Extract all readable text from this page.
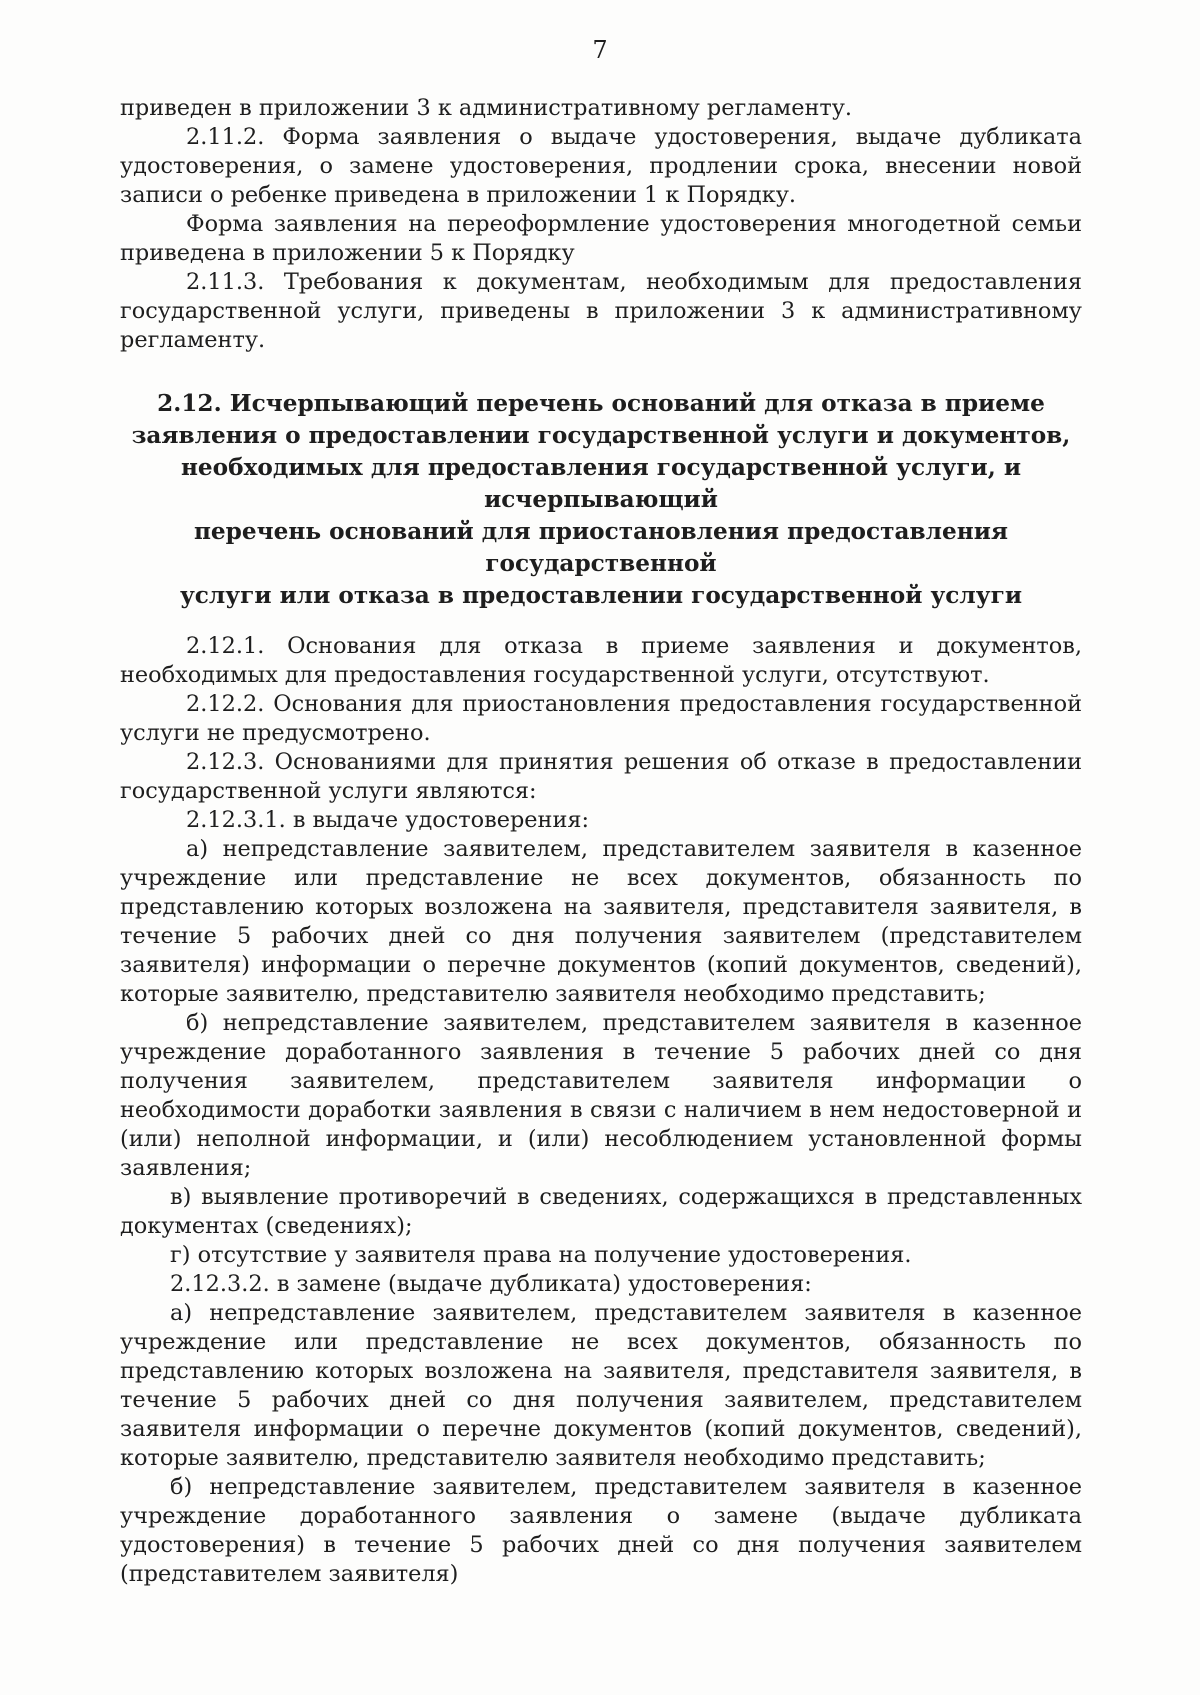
7

приведен в приложении 3 к административному регламенту.

2.11.2. Форма заявления о выдаче удостоверения, выдаче дубликата удостоверения, о замене удостоверения, продлении срока, внесении новой записи о ребенке приведена в приложении 1 к Порядку.

Форма заявления на переоформление удостоверения многодетной семьи приведена в приложении 5 к Порядку

2.11.3. Требования к документам, необходимым для предоставления государственной услуги, приведены в приложении 3 к административному регламенту.

2.12. Исчерпывающий перечень оснований для отказа в приеме
заявления о предоставлении государственной услуги и документов,
необходимых для предоставления государственной услуги, и исчерпывающий
перечень оснований для приостановления предоставления государственной
услуги или отказа в предоставлении государственной услуги

2.12.1. Основания для отказа в приеме заявления и документов, необходимых для предоставления государственной услуги, отсутствуют.

2.12.2. Основания для приостановления предоставления государственной услуги не предусмотрено.

2.12.3. Основаниями для принятия решения об отказе в предоставлении государственной услуги являются:

2.12.3.1. в выдаче удостоверения:

а) непредставление заявителем, представителем заявителя в казенное учреждение или представление не всех документов, обязанность по представлению которых возложена на заявителя, представителя заявителя, в течение 5 рабочих дней со дня получения заявителем (представителем заявителя) информации о перечне документов (копий документов, сведений), которые заявителю, представителю заявителя необходимо представить;

б) непредставление заявителем, представителем заявителя в казенное учреждение доработанного заявления в течение 5 рабочих дней со дня получения заявителем, представителем заявителя информации о необходимости доработки заявления в связи с наличием в нем недостоверной и (или) неполной информации, и (или) несоблюдением установленной формы заявления;

в) выявление противоречий в сведениях, содержащихся в представленных документах (сведениях);

г) отсутствие у заявителя права на получение удостоверения.

2.12.3.2. в замене (выдаче дубликата) удостоверения:

а) непредставление заявителем, представителем заявителя в казенное учреждение или представление не всех документов, обязанность по представлению которых возложена на заявителя, представителя заявителя, в течение 5 рабочих дней со дня получения заявителем, представителем заявителя информации о перечне документов (копий документов, сведений), которые заявителю, представителю заявителя необходимо представить;

б) непредставление заявителем, представителем заявителя в казенное учреждение доработанного заявления о замене (выдаче дубликата удостоверения) в течение 5 рабочих дней со дня получения заявителем (представителем заявителя)
